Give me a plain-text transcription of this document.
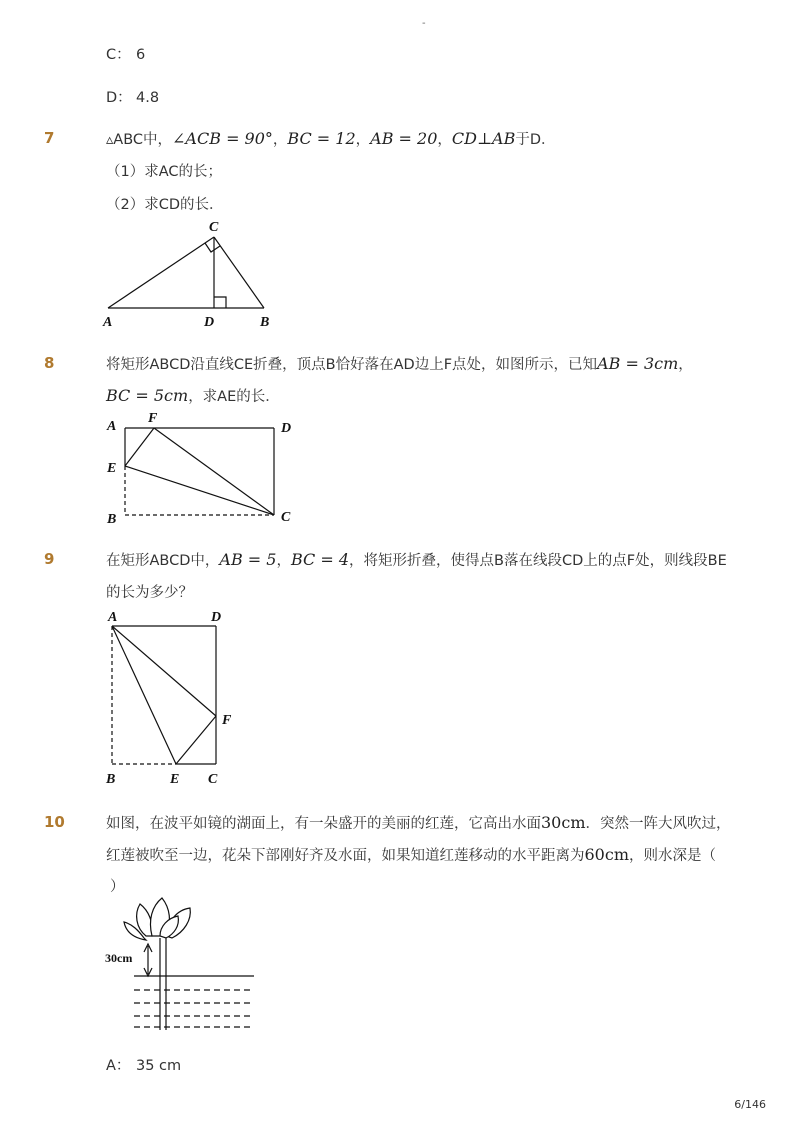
-
C： 6
D： 4.8
7	▵ABC中，∠ACB = 90°，BC = 12，AB = 20，CD⊥AB于D．
（1）求AC的长；
（2）求CD的长．
C
A	D	B
8	将矩形ABCD沿直线CE折叠，顶点B恰好落在AD边上F点处，如图所示，已知AB = 3cm，
BC = 5cm，求AE的长．
A
F
D
E
B	C
9	在矩形ABCD中，AB = 5，BC = 4，将矩形折叠，使得点B落在线段CD上的点F处，则线段BE
的长为多少？
A	D
F
B	E C
10	如图，在波平如镜的湖面上，有一朵盛开的美丽的红莲，它高出水面30cm．突然一阵大风吹过，
红莲被吹至一边，花朵下部刚好齐及水面，如果知道红莲移动的水平距离为60cm，则水深是（
）
30cm
A： 35 cm
6/146
